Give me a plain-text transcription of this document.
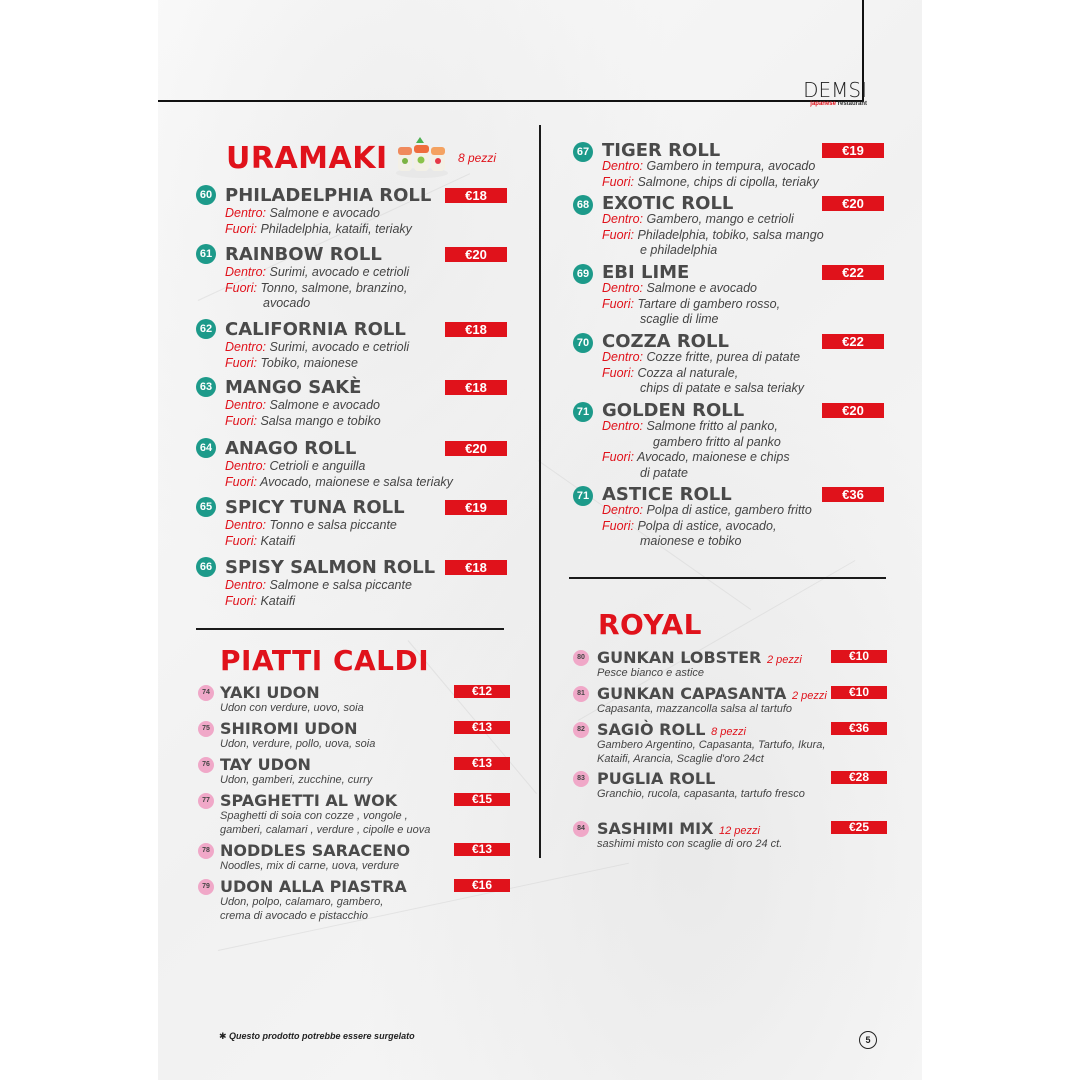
DEMSI
japanese restaurant
URAMAKI	8 pezzi
60 PHILADELPHIA ROLL	€18
Dentro: Salmone e avocado
Fuori: Philadelphia, kataifi, teriaky
61 RAINBOW ROLL	€20
Dentro: Surimi, avocado e cetrioli
Fuori: Tonno, salmone, branzino,
avocado
62 CALIFORNIA ROLL	€18
Dentro: Surimi, avocado e cetrioli
Fuori: Tobiko, maionese
63 MANGO SAKÈ	€18
Dentro: Salmone e avocado
Fuori: Salsa mango e tobiko
64 ANAGO ROLL	€20
Dentro: Cetrioli e anguilla
Fuori: Avocado, maionese e salsa teriaky
65 SPICY TUNA ROLL	€19
Dentro: Tonno e salsa piccante
Fuori: Kataifi
66 SPISY SALMON ROLL	€18
Dentro: Salmone e salsa piccante
Fuori: Kataifi
67 TIGER ROLL	€19
Dentro: Gambero in tempura, avocado
Fuori: Salmone, chips di cipolla, teriaky
68 EXOTIC ROLL	€20
Dentro: Gambero, mango e cetrioli
Fuori: Philadelphia, tobiko, salsa mango
e philadelphia
69 EBI LIME	€22
Dentro: Salmone e avocado
Fuori: Tartare di gambero rosso,
scaglie di lime
70 COZZA ROLL	€22
Dentro: Cozze fritte, purea di patate
Fuori: Cozza al naturale,
chips di patate e salsa teriaky
71 GOLDEN ROLL	€20
Dentro: Salmone fritto al panko,
gambero fritto al panko
Fuori: Avocado, maionese e chips
di patate
71 ASTICE ROLL	€36
Dentro: Polpa di astice, gambero fritto
Fuori: Polpa di astice, avocado,
maionese e tobiko
PIATTI CALDI
74 YAKI UDON	€12
Udon con verdure, uovo, soia
75 SHIROMI UDON	€13
Udon, verdure, pollo, uova, soia
76 TAY UDON	€13
Udon, gamberi, zucchine, curry
77 SPAGHETTI AL WOK	€15
Spaghetti di soia con cozze , vongole ,
gamberi, calamari , verdure , cipolle e uova
78 NODDLES SARACENO	€13
Noodles, mix di carne, uova, verdure
79 UDON ALLA PIASTRA	€16
Udon, polpo, calamaro, gambero,
crema di avocado e pistacchio
ROYAL
80 GUNKAN LOBSTER 2 pezzi	€10
Pesce bianco e astice
81 GUNKAN CAPASANTA 2 pezzi	€10
Capasanta, mazzancolla salsa al tartufo
82 SAGIÒ ROLL 8 pezzi	€36
Gambero Argentino, Capasanta, Tartufo, Ikura,
Kataifi, Arancia, Scaglie d'oro 24ct
83 PUGLIA ROLL	€28
Granchio, rucola, capasanta, tartufo fresco
84 SASHIMI MIX 12 pezzi	€25
sashimi misto con scaglie di oro 24 ct.
✱ Questo prodotto potrebbe essere surgelato	5
